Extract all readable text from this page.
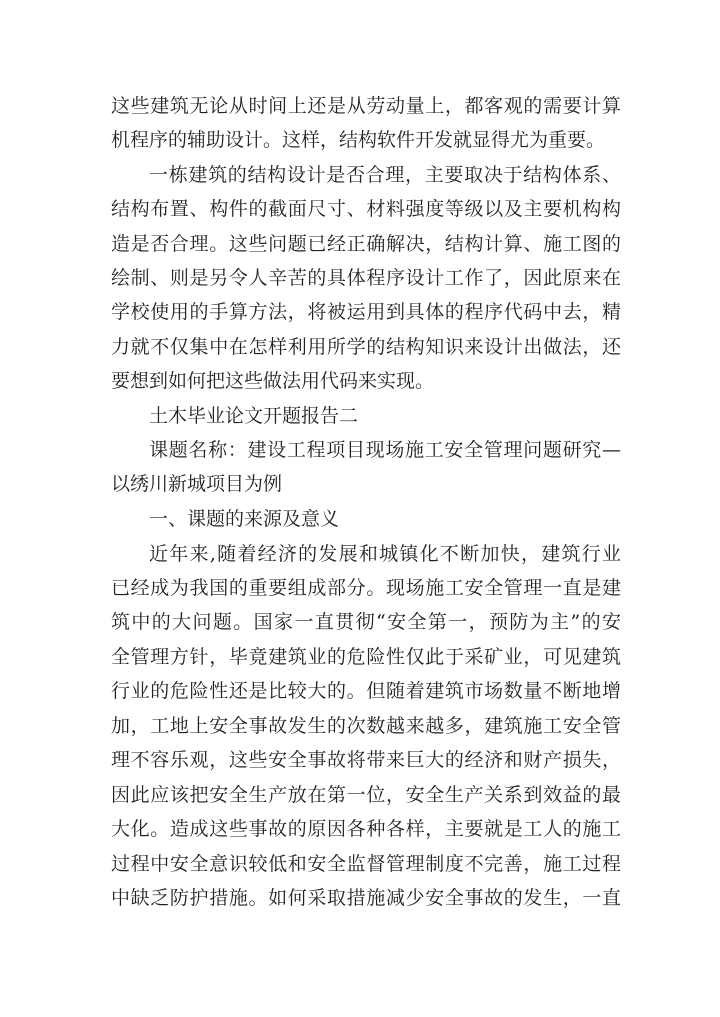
这些建筑无论从时间上还是从劳动量上，都客观的需要计算
机程序的辅助设计。这样，结构软件开发就显得尤为重要。
一栋建筑的结构设计是否合理，主要取决于结构体系、
结构布置、构件的截面尺寸、材料强度等级以及主要机构构
造是否合理。这些问题已经正确解决，结构计算、施工图的
绘制、则是另令人辛苦的具体程序设计工作了，因此原来在
学校使用的手算方法，将被运用到具体的程序代码中去，精
力就不仅集中在怎样利用所学的结构知识来设计出做法，还
要想到如何把这些做法用代码来实现。
土木毕业论文开题报告二
课题名称：建设工程项目现场施工安全管理问题研究—
以绣川新城项目为例
一、课题的来源及意义
近年来,随着经济的发展和城镇化不断加快，建筑行业
已经成为我国的重要组成部分。现场施工安全管理一直是建
筑中的大问题。国家一直贯彻“安全第一，预防为主”的安
全管理方针，毕竟建筑业的危险性仅此于采矿业，可见建筑
行业的危险性还是比较大的。但随着建筑市场数量不断地增
加，工地上安全事故发生的次数越来越多，建筑施工安全管
理不容乐观，这些安全事故将带来巨大的经济和财产损失，
因此应该把安全生产放在第一位，安全生产关系到效益的最
大化。造成这些事故的原因各种各样，主要就是工人的施工
过程中安全意识较低和安全监督管理制度不完善，施工过程
中缺乏防护措施。如何采取措施减少安全事故的发生，一直
